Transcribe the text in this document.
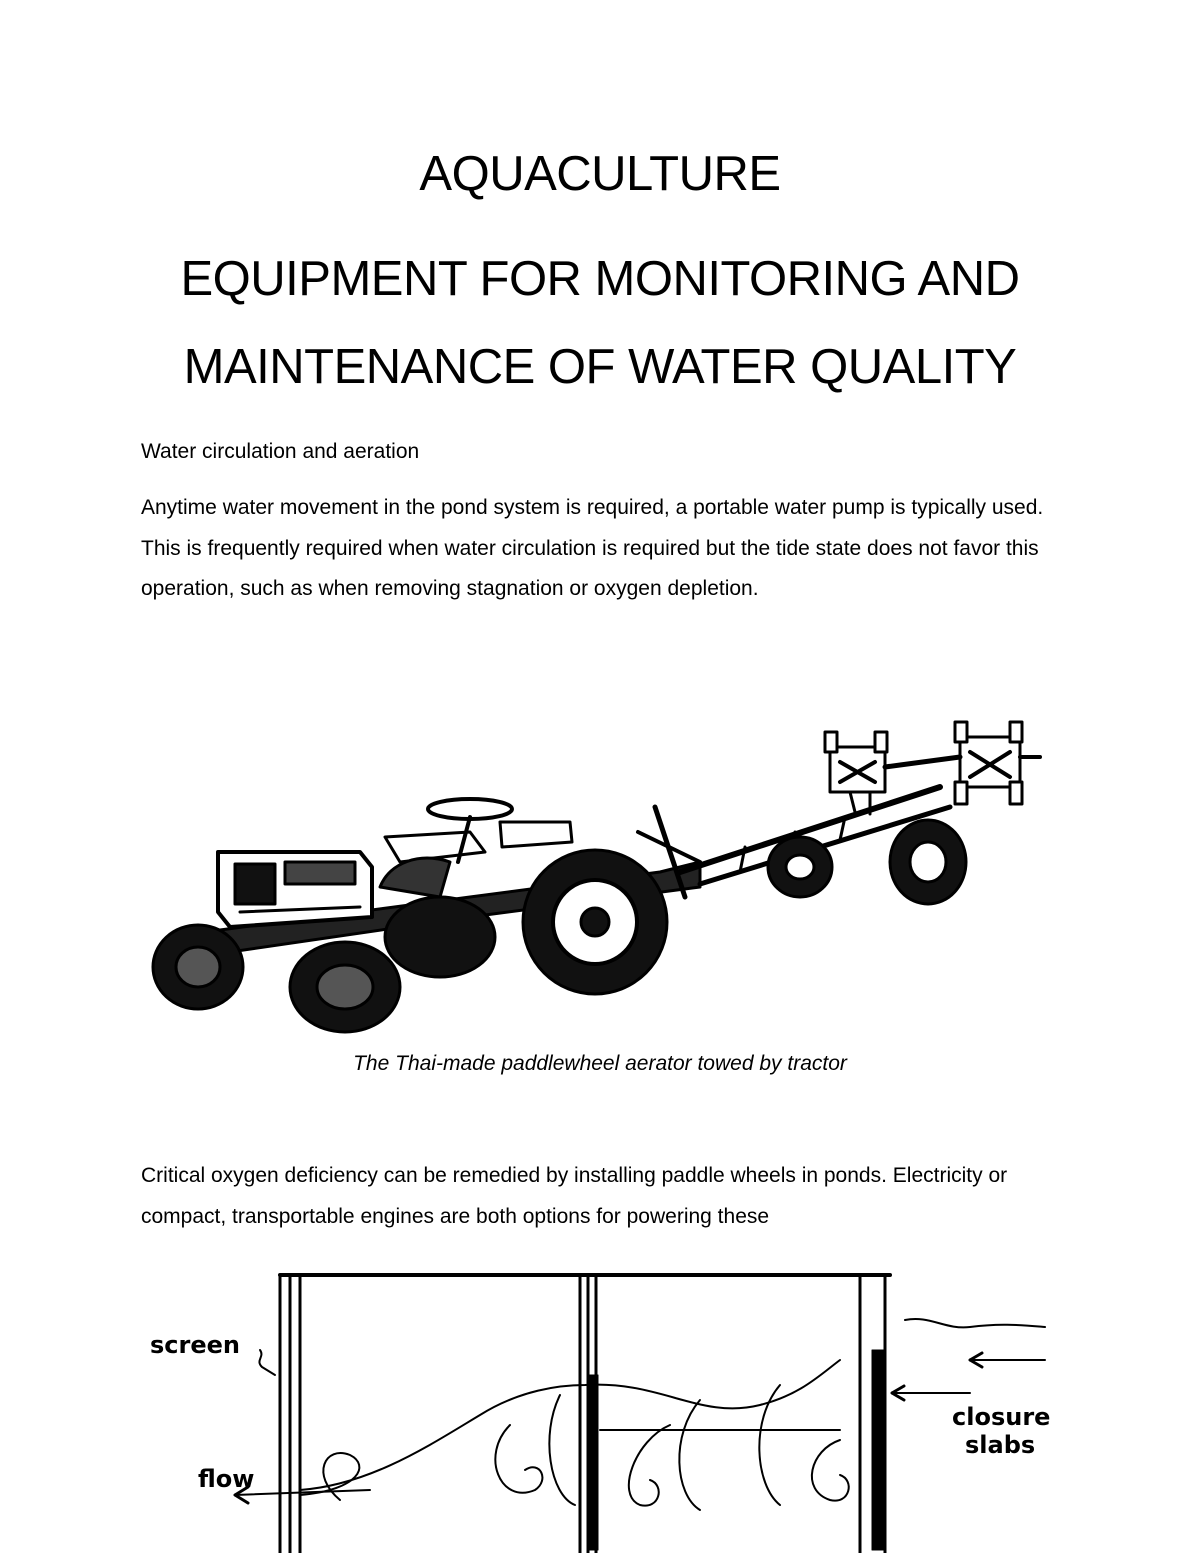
AQUACULTURE
EQUIPMENT FOR MONITORING AND
MAINTENANCE OF WATER QUALITY
Water circulation and aeration

Anytime water movement in the pond system is required, a portable water pump is typically used. This is frequently required when water circulation is required but the tide state does not favor this operation, such as when removing stagnation or oxygen depletion.

The Thai-made paddlewheel aerator towed by tractor

Critical oxygen deficiency can be remedied by installing paddle wheels in ponds. Electricity or compact, transportable engines are both options for powering these

screen
flow
closure
slabs
